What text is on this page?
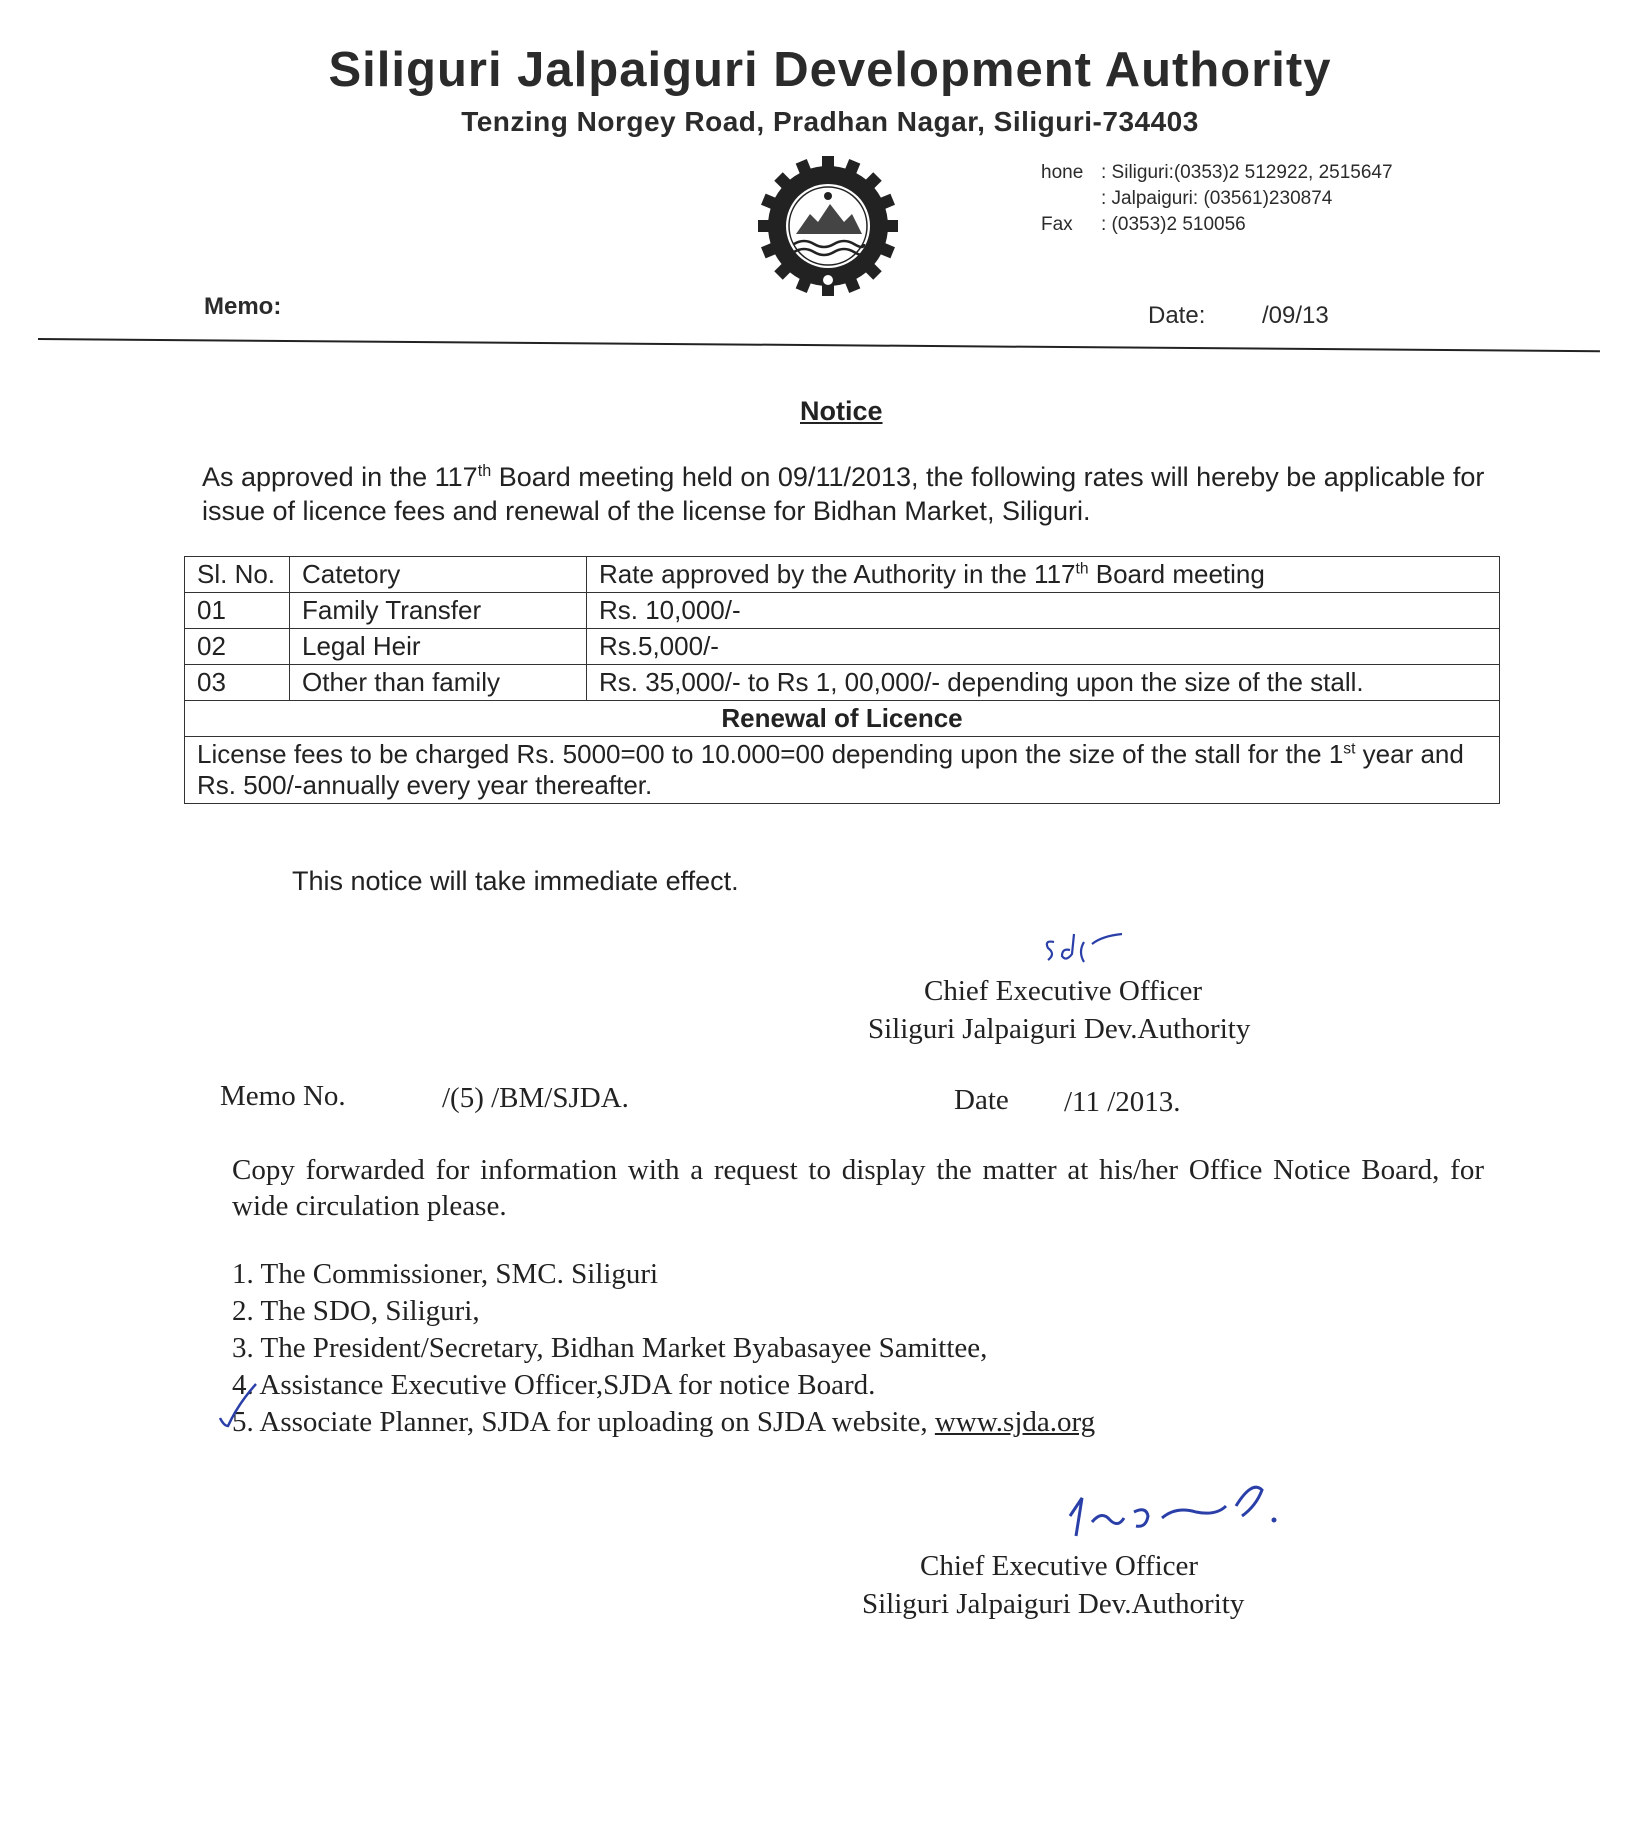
Siliguri Jalpaiguri Development Authority
Tenzing Norgey Road, Pradhan Nagar, Siliguri-734403
hone : Siliguri:(0353)2 512922, 2515647
: Jalpaiguri: (03561)230874
Fax	: (0353)2 510056
Memo:	Date: /09/13
Notice
As approved in the 117th Board meeting held on 09/11/2013, the following rates will hereby be applicable for issue of licence fees and renewal of the license for Bidhan Market, Siliguri.
Sl. No.	Catetory	Rate approved by the Authority in the 117th Board meeting
01	Family Transfer	Rs. 10,000/-
02	Legal Heir	Rs.5,000/-
03	Other than family	Rs. 35,000/- to Rs 1, 00,000/- depending upon the size of the stall.
Renewal of Licence		
License fees to be charged Rs. 5000=00 to 10.000=00 depending upon the size of the stall for the 1st year and Rs. 500/-annually every year thereafter.		
This notice will take immediate effect.
Chief Executive Officer
Siliguri Jalpaiguri Dev.Authority
Memo No.	/(5) /BM/SJDA.	Date /11 /2013.
Copy forwarded for information with a request to display the matter at his/her Office Notice Board, for wide circulation please.
1. The Commissioner, SMC. Siliguri
2. The SDO, Siliguri,
3. The President/Secretary, Bidhan Market Byabasayee Samittee,
4. Assistance Executive Officer,SJDA for notice Board.
5. Associate Planner, SJDA for uploading on SJDA website, www.sjda.org
Chief Executive Officer
Siliguri Jalpaiguri Dev.Authority
